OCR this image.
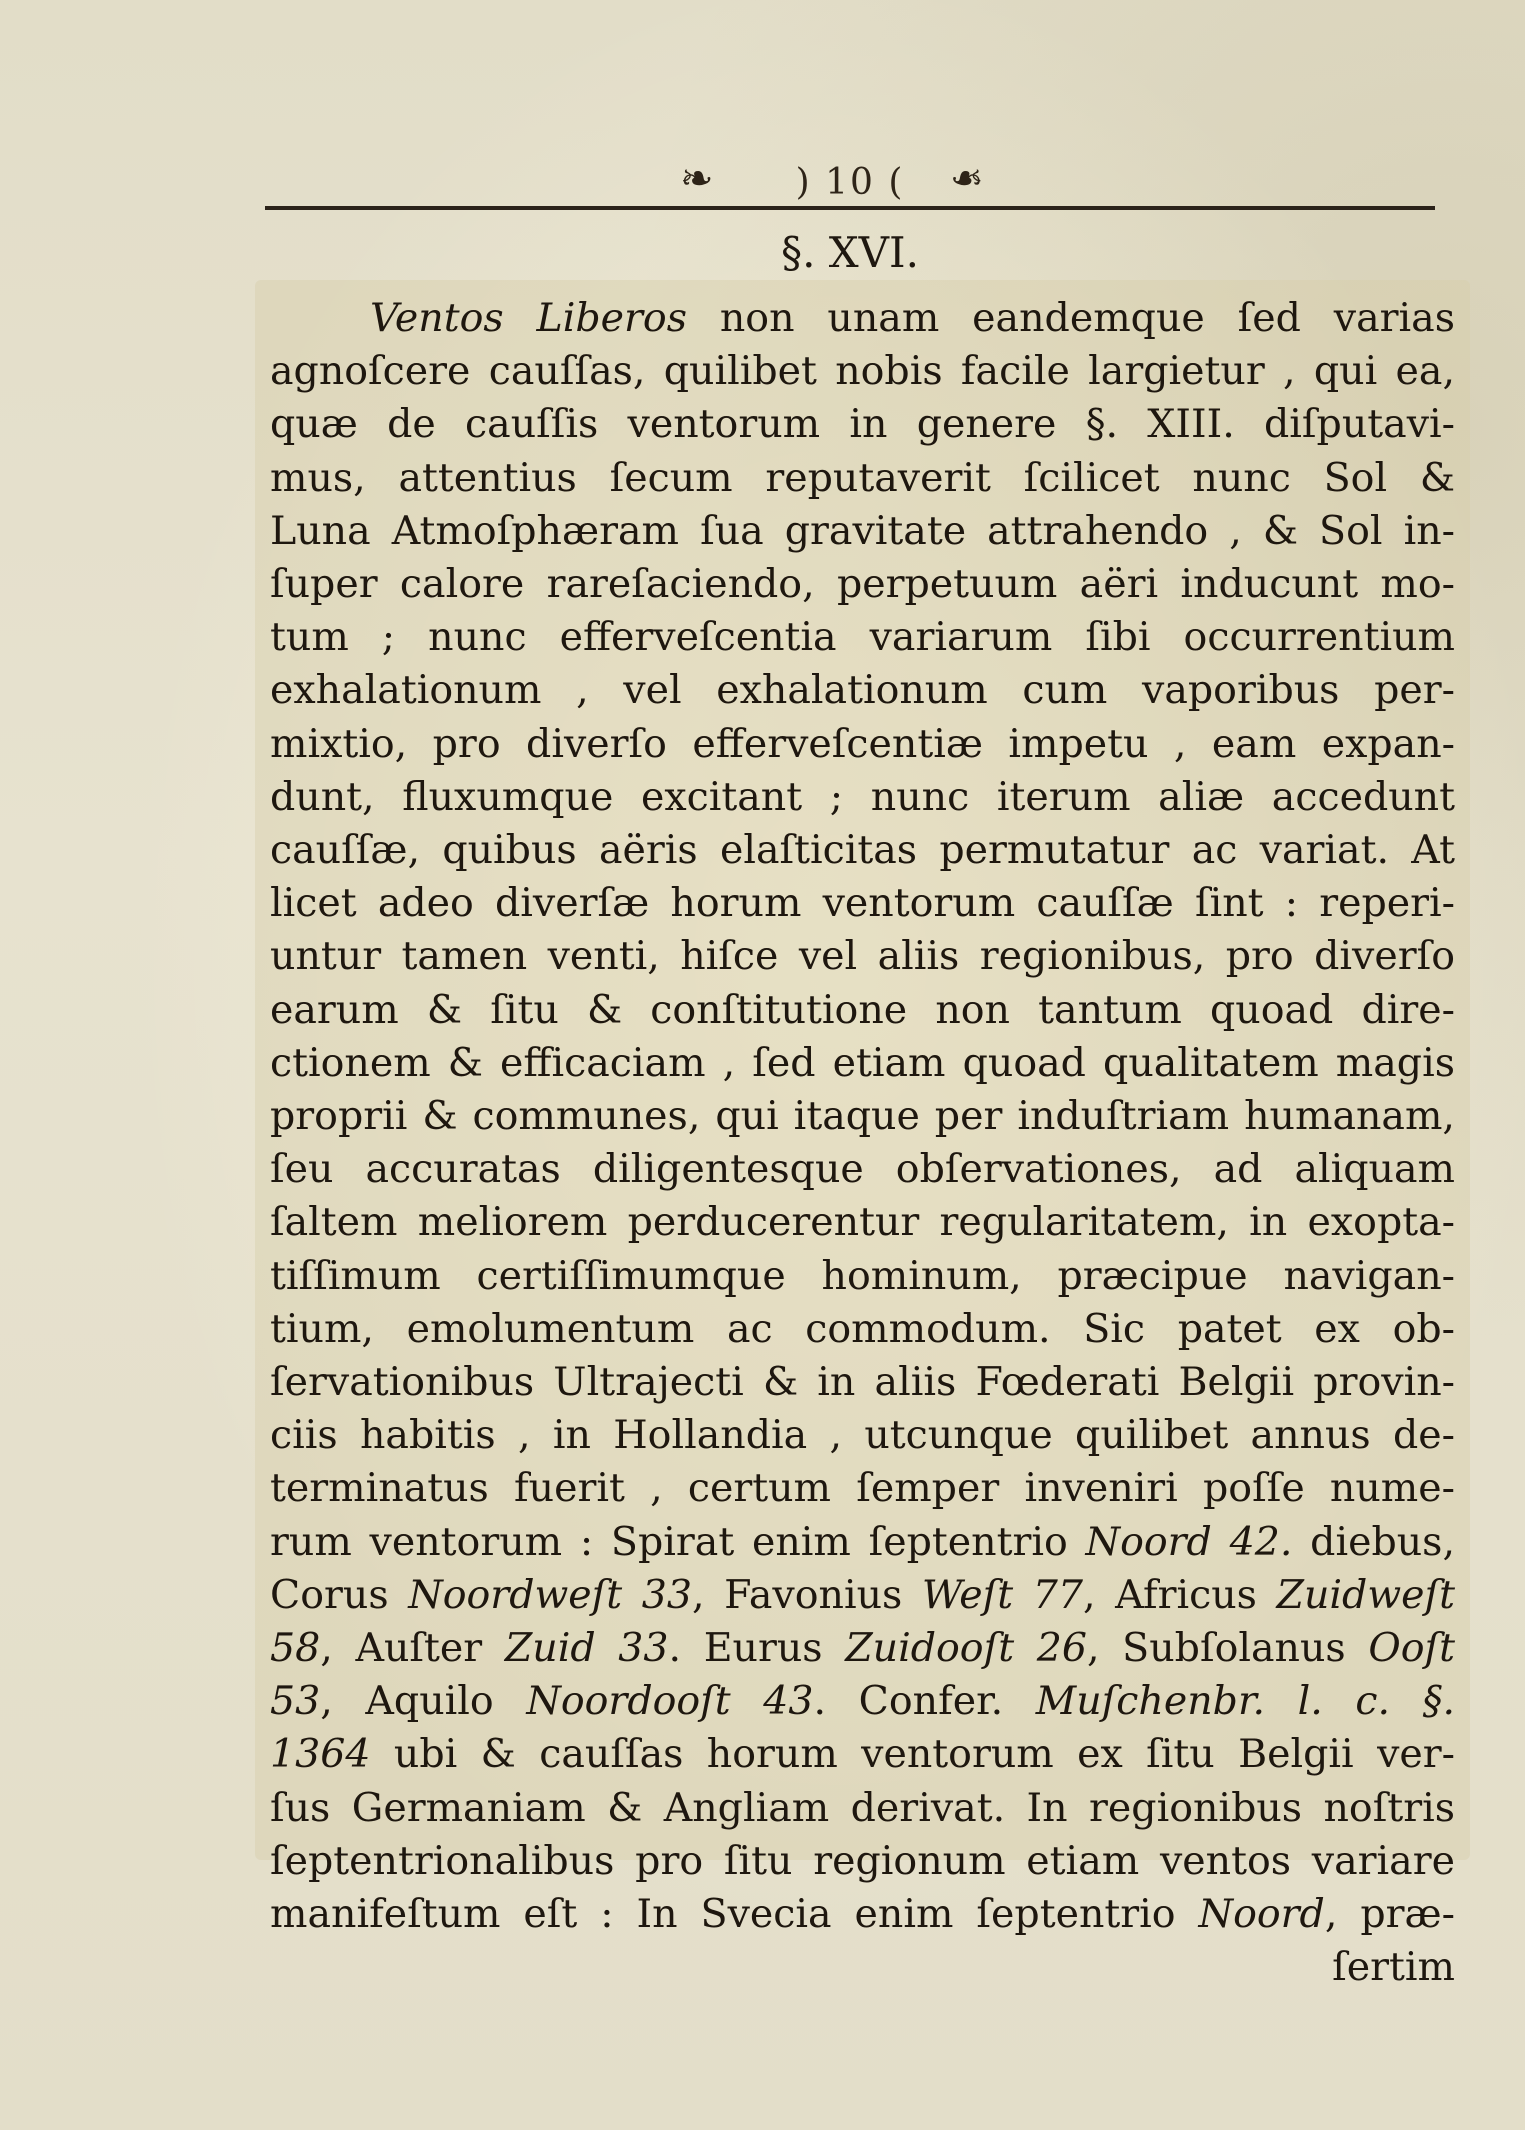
❧	) 10 (	❧
§. XVI.
Ventos Liberos non unam eandemque ſed varias
agnoſcere cauſſas, quilibet nobis facile largietur , qui ea,
quæ de cauſſis ventorum in genere §. XIII. diſputavi-
mus, attentius ſecum reputaverit ſcilicet nunc Sol &
Luna Atmoſphæram ſua gravitate attrahendo , & Sol in-
ſuper calore rareſaciendo, perpetuum aëri inducunt mo-
tum ; nunc efferveſcentia variarum ſibi occurrentium
exhalationum , vel exhalationum cum vaporibus per-
mixtio, pro diverſo efferveſcentiæ impetu , eam expan-
dunt, fluxumque excitant ; nunc iterum aliæ accedunt
cauſſæ, quibus aëris elaſticitas permutatur ac variat. At
licet adeo diverſæ horum ventorum cauſſæ ſint : reperi-
untur tamen venti, hiſce vel aliis regionibus, pro diverſo
earum & ſitu & conſtitutione non tantum quoad dire-
ctionem & efficaciam , ſed etiam quoad qualitatem magis
proprii & communes, qui itaque per induſtriam humanam,
ſeu accuratas diligentesque obſervationes, ad aliquam
ſaltem meliorem perducerentur regularitatem, in exopta-
tiſſimum certiſſimumque hominum, præcipue navigan-
tium, emolumentum ac commodum. Sic patet ex ob-
ſervationibus Ultrajecti & in aliis Fœderati Belgii provin-
ciis habitis , in Hollandia , utcunque quilibet annus de-
terminatus fuerit , certum ſemper inveniri poſſe nume-
rum ventorum : Spirat enim ſeptentrio Noord 42. diebus,
Corus Noordweſt 33, Favonius Weſt 77, Africus Zuidweſt
58, Auſter Zuid 33. Eurus Zuidooſt 26, Subſolanus Ooſt
53, Aquilo Noordooſt 43. Confer. Muſchenbr. l. c. §.
1364 ubi & cauſſas horum ventorum ex ſitu Belgii ver-
ſus Germaniam & Angliam derivat. In regionibus noſtris
ſeptentrionalibus pro ſitu regionum etiam ventos variare
manifeſtum eſt : In Svecia enim ſeptentrio Noord, præ-
ſertim
